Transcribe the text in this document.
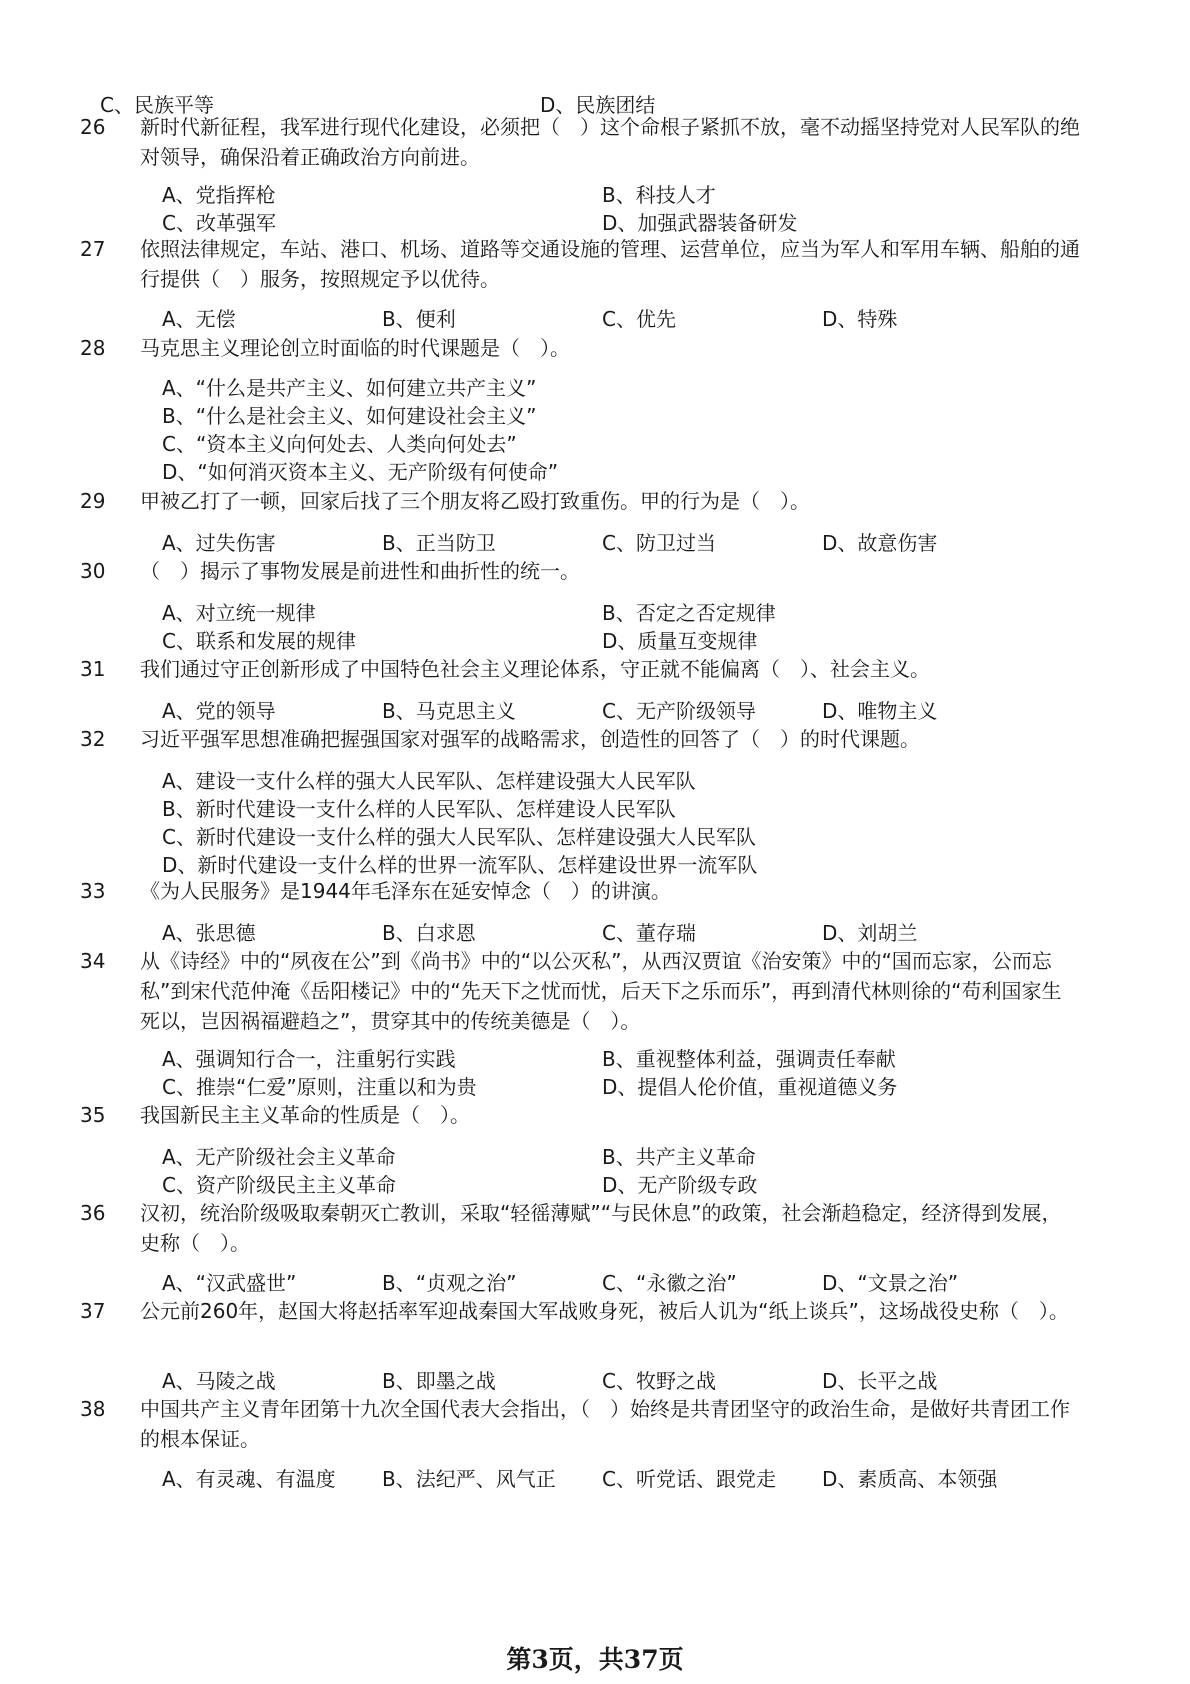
C、民族平等	D、民族团结
26 新时代新征程，我军进行现代化建设，必须把（　）这个命根子紧抓不放，毫不动摇坚持党对人民军队的绝对领导，确保沿着正确政治方向前进。
A、党指挥枪	B、科技人才
C、改革强军	D、加强武器装备研发
27 依照法律规定，车站、港口、机场、道路等交通设施的管理、运营单位，应当为军人和军用车辆、船舶的通行提供（　）服务，按照规定予以优待。
A、无偿	B、便利	C、优先	D、特殊
28 马克思主义理论创立时面临的时代课题是（　）。
A、“什么是共产主义、如何建立共产主义”
B、“什么是社会主义、如何建设社会主义”
C、“资本主义向何处去、人类向何处去”
D、“如何消灭资本主义、无产阶级有何使命”
29 甲被乙打了一顿，回家后找了三个朋友将乙殴打致重伤。甲的行为是（　）。
A、过失伤害	B、正当防卫	C、防卫过当	D、故意伤害
30 （　）揭示了事物发展是前进性和曲折性的统一。
A、对立统一规律	B、否定之否定规律
C、联系和发展的规律	D、质量互变规律
31 我们通过守正创新形成了中国特色社会主义理论体系，守正就不能偏离（　）、社会主义。
A、党的领导	B、马克思主义	C、无产阶级领导	D、唯物主义
32 习近平强军思想准确把握强国家对强军的战略需求，创造性的回答了（　）的时代课题。
A、建设一支什么样的强大人民军队、怎样建设强大人民军队
B、新时代建设一支什么样的人民军队、怎样建设人民军队
C、新时代建设一支什么样的强大人民军队、怎样建设强大人民军队
D、新时代建设一支什么样的世界一流军队、怎样建设世界一流军队
33 《为人民服务》是1944年毛泽东在延安悼念（　）的讲演。
A、张思德	B、白求恩	C、董存瑞	D、刘胡兰
34 从《诗经》中的“夙夜在公”到《尚书》中的“以公灭私”，从西汉贾谊《治安策》中的“国而忘家，公而忘私”到宋代范仲淹《岳阳楼记》中的“先天下之忧而忧，后天下之乐而乐”，再到清代林则徐的“苟利国家生死以，岂因祸福避趋之”，贯穿其中的传统美德是（　）。
A、强调知行合一，注重躬行实践	B、重视整体利益，强调责任奉献
C、推崇“仁爱”原则，注重以和为贵	D、提倡人伦价值，重视道德义务
35 我国新民主主义革命的性质是（　）。
A、无产阶级社会主义革命	B、共产主义革命
C、资产阶级民主主义革命	D、无产阶级专政
36 汉初，统治阶级吸取秦朝灭亡教训，采取“轻徭薄赋”“与民休息”的政策，社会渐趋稳定，经济得到发展，史称（　）。
A、“汉武盛世”	B、“贞观之治”	C、“永徽之治”	D、“文景之治”
37 公元前260年，赵国大将赵括率军迎战秦国大军战败身死，被后人讥为“纸上谈兵”，这场战役史称（　）。
A、马陵之战	B、即墨之战	C、牧野之战	D、长平之战
38 中国共产主义青年团第十九次全国代表大会指出，（　）始终是共青团坚守的政治生命，是做好共青团工作的根本保证。
A、有灵魂、有温度 B、法纪严、风气正 C、听党话、跟党走 D、素质高、本领强
第3页，共37页
